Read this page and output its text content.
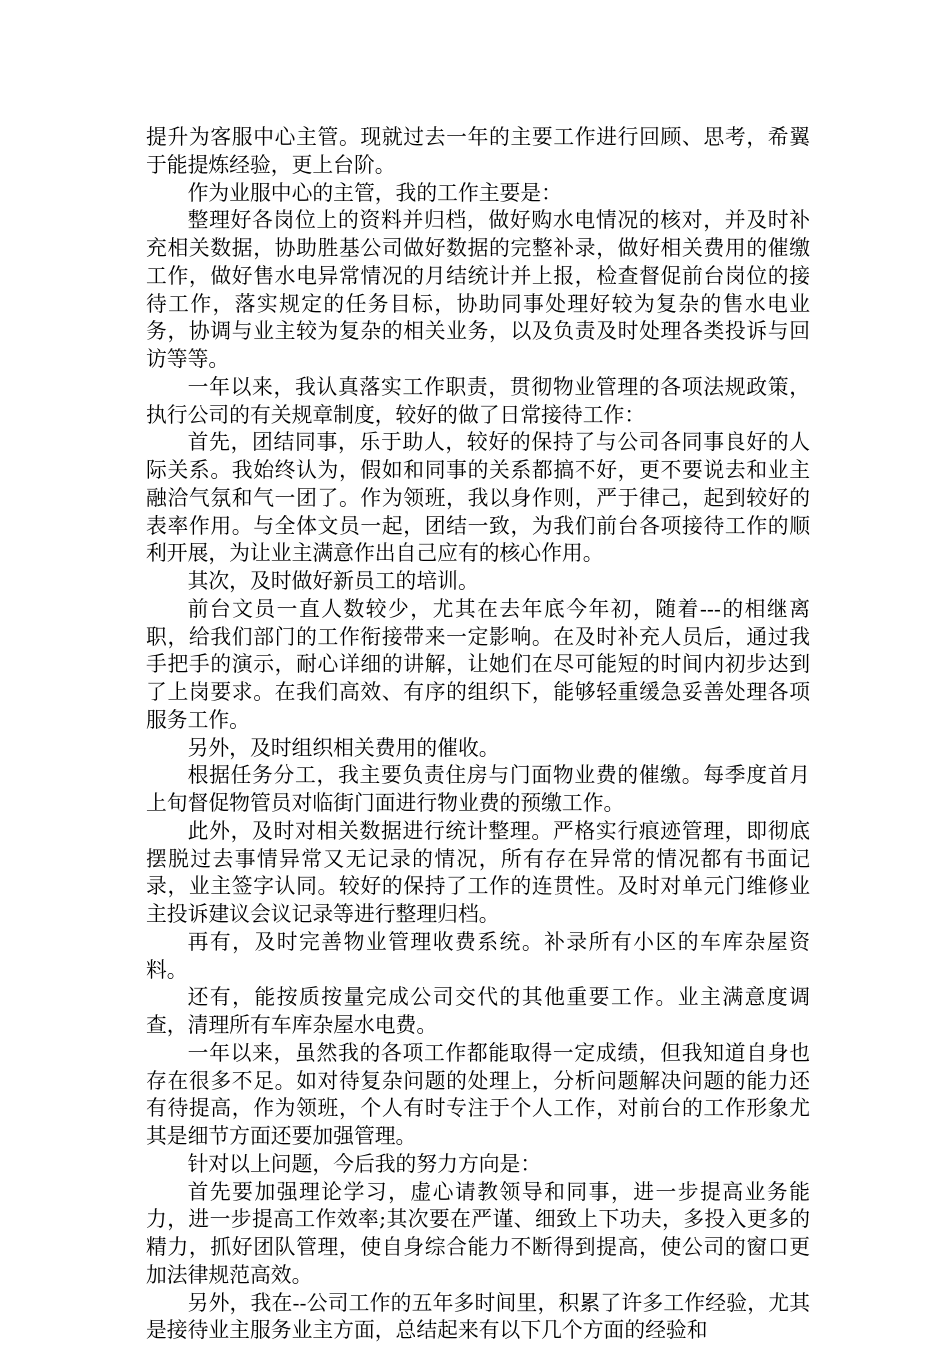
提升为客服中心主管。现就过去一年的主要工作进行回顾、思考，希翼于能提炼经验，更上台阶。

作为业服中心的主管，我的工作主要是：

整理好各岗位上的资料并归档，做好购水电情况的核对，并及时补充相关数据，协助胜基公司做好数据的完整补录，做好相关费用的催缴工作，做好售水电异常情况的月结统计并上报，检查督促前台岗位的接待工作，落实规定的任务目标，协助同事处理好较为复杂的售水电业务，协调与业主较为复杂的相关业务，以及负责及时处理各类投诉与回访等等。

一年以来，我认真落实工作职责，贯彻物业管理的各项法规政策，执行公司的有关规章制度，较好的做了日常接待工作：

首先，团结同事，乐于助人，较好的保持了与公司各同事良好的人际关系。我始终认为，假如和同事的关系都搞不好，更不要说去和业主融洽气氛和气一团了。作为领班，我以身作则，严于律己，起到较好的表率作用。与全体文员一起，团结一致，为我们前台各项接待工作的顺利开展，为让业主满意作出自己应有的核心作用。

其次，及时做好新员工的培训。

前台文员一直人数较少，尤其在去年底今年初，随着---的相继离职，给我们部门的工作衔接带来一定影响。在及时补充人员后，通过我手把手的演示，耐心详细的讲解，让她们在尽可能短的时间内初步达到了上岗要求。在我们高效、有序的组织下，能够轻重缓急妥善处理各项服务工作。

另外，及时组织相关费用的催收。

根据任务分工，我主要负责住房与门面物业费的催缴。每季度首月上旬督促物管员对临街门面进行物业费的预缴工作。

此外，及时对相关数据进行统计整理。严格实行痕迹管理，即彻底摆脱过去事情异常又无记录的情况，所有存在异常的情况都有书面记录，业主签字认同。较好的保持了工作的连贯性。及时对单元门维修业主投诉建议会议记录等进行整理归档。

再有，及时完善物业管理收费系统。补录所有小区的车库杂屋资料。

还有，能按质按量完成公司交代的其他重要工作。业主满意度调查，清理所有车库杂屋水电费。

一年以来，虽然我的各项工作都能取得一定成绩，但我知道自身也存在很多不足。如对待复杂问题的处理上，分析问题解决问题的能力还有待提高，作为领班，个人有时专注于个人工作，对前台的工作形象尤其是细节方面还要加强管理。

针对以上问题，今后我的努力方向是：

首先要加强理论学习，虚心请教领导和同事，进一步提高业务能力，进一步提高工作效率;其次要在严谨、细致上下功夫，多投入更多的精力，抓好团队管理，使自身综合能力不断得到提高，使公司的窗口更加法律规范高效。

另外，我在--公司工作的五年多时间里，积累了许多工作经验，尤其是接待业主服务业主方面，总结起来有以下几个方面的经验和
